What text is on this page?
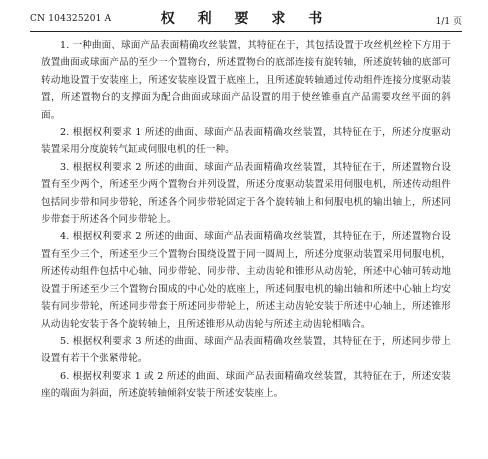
CN 104325201 A	权 利 要 求 书	1/1 页

1. 一种曲面、球面产品表面精确攻丝装置，其特征在于，其包括设置于攻丝机丝栓下方用于放置曲面或球面产品的至少一个置物台，所述置物台的底部连接有旋转轴，所述旋转轴的底部可转动地设置于安装座上，所述安装座设置于底座上，且所述旋转轴通过传动组件连接分度驱动装置，所述置物台的支撑面为配合曲面或球面产品设置的用于使丝锥垂直产品需要攻丝平面的斜面。

2. 根据权利要求 1 所述的曲面、球面产品表面精确攻丝装置，其特征在于，所述分度驱动装置采用分度旋转气缸或伺服电机的任一种。

3. 根据权利要求 2 所述的曲面、球面产品表面精确攻丝装置，其特征在于，所述置物台设置有至少两个，所述至少两个置物台并列设置，所述分度驱动装置采用伺服电机，所述传动组件包括同步带和同步带轮，所述各个同步带轮固定于各个旋转轴上和伺服电机的输出轴上，所述同步带套于所述各个同步带轮上。

4. 根据权利要求 2 所述的曲面、球面产品表面精确攻丝装置，其特征在于，所述置物台设置有至少三个，所述至少三个置物台围绕设置于同一圆周上，所述分度驱动装置采用伺服电机，所述传动组件包括中心轴、同步带轮、同步带、主动齿轮和锥形从动齿轮，所述中心轴可转动地设置于所述至少三个置物台围成的中心处的底座上，所述伺服电机的输出轴和所述中心轴上均安装有同步带轮，所述同步带套于所述同步带轮上，所述主动齿轮安装于所述中心轴上，所述锥形从动齿轮安装于各个旋转轴上，且所述锥形从动齿轮与所述主动齿轮相啮合。

5. 根据权利要求 3 所述的曲面、球面产品表面精确攻丝装置，其特征在于，所述同步带上设置有若干个张紧带轮。

6. 根据权利要求 1 或 2 所述的曲面、球面产品表面精确攻丝装置，其特征在于，所述安装座的端面为斜面，所述旋转轴倾斜安装于所述安装座上。
